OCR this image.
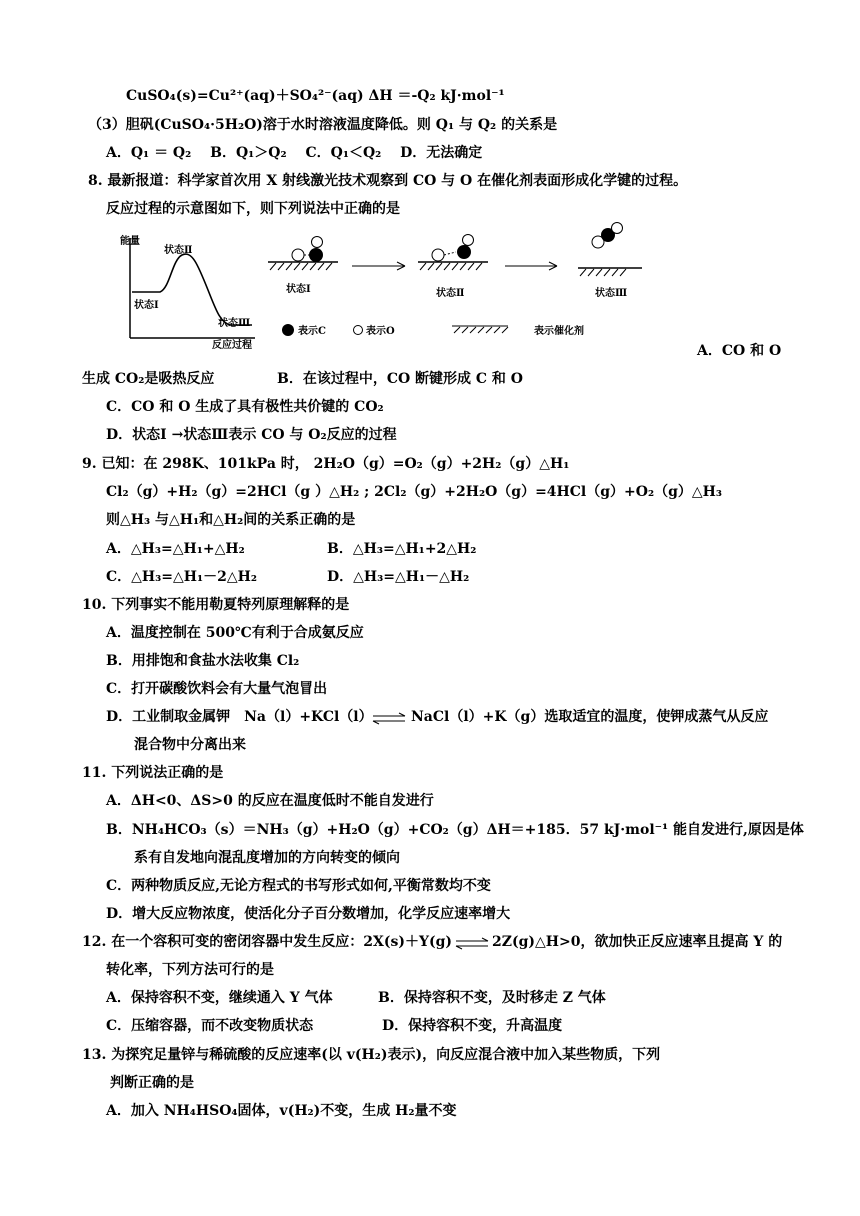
CuSO₄(s)=Cu²⁺(aq)＋SO₄²⁻(aq) ΔH ＝-Q₂ kJ·mol⁻¹
（3）胆矾(CuSO₄·5H₂O)溶于水时溶液温度降低。则 Q₁ 与 Q₂ 的关系是
A．Q₁ ＝ Q₂　 B．Q₁＞Q₂　 C．Q₁＜Q₂　 D．无法确定
8. 最新报道：科学家首次用 X 射线激光技术观察到 CO 与 O 在催化剂表面形成化学键的过程。
反应过程的示意图如下，则下列说法中正确的是
能量
状态Ⅱ
状态Ⅰ
状态Ⅲ
反应过程
状态Ⅰ	状态Ⅱ	状态Ⅲ
表示C	表示O	表示催化剂
A．CO 和 O
生成 CO₂是吸热反应	B．在该过程中，CO 断键形成 C 和 O
C．CO 和 O 生成了具有极性共价键的 CO₂
D．状态Ⅰ →状态Ⅲ表示 CO 与 O₂反应的过程
9. 已知：在 298K、101kPa 时， 2H₂O（g）=O₂（g）+2H₂（g）△H₁
Cl₂（g）+H₂（g）=2HCl（g ）△H₂ ; 2Cl₂（g）+2H₂O（g）=4HCl（g）+O₂（g）△H₃
则△H₃ 与△H₁和△H₂间的关系正确的是
A．△H₃=△H₁+△H₂	B．△H₃=△H₁+2△H₂
C．△H₃=△H₁－2△H₂	D．△H₃=△H₁－△H₂
10. 下列事实不能用勒夏特列原理解释的是
A．温度控制在 500℃有利于合成氨反应
B．用排饱和食盐水法收集 Cl₂
C．打开碳酸饮料会有大量气泡冒出
D．工业制取金属钾　Na（l）+KCl（l） ⇌ NaCl（l）+K（g）选取适宜的温度，使钾成蒸气从反应
混合物中分离出来
11. 下列说法正确的是
A．ΔH<0、ΔS>0 的反应在温度低时不能自发进行
B．NH₄HCO₃（s）＝NH₃（g）+H₂O（g）+CO₂（g）ΔH＝+185．57 kJ·mol⁻¹ 能自发进行,原因是体
系有自发地向混乱度增加的方向转变的倾向
C．两种物质反应,无论方程式的书写形式如何,平衡常数均不变
D．增大反应物浓度，使活化分子百分数增加，化学反应速率增大
12. 在一个容积可变的密闭容器中发生反应：2X(s)＋Y(g) ⇌ 2Z(g)△H>0，欲加快正反应速率且提高 Y 的
转化率，下列方法可行的是
A．保持容积不变，继续通入 Y 气体	B．保持容积不变，及时移走 Z 气体
C．压缩容器，而不改变物质状态	D．保持容积不变，升高温度
13. 为探究足量锌与稀硫酸的反应速率(以 v(H₂)表示)，向反应混合液中加入某些物质，下列
判断正确的是
A．加入 NH₄HSO₄固体，v(H₂)不变，生成 H₂量不变
